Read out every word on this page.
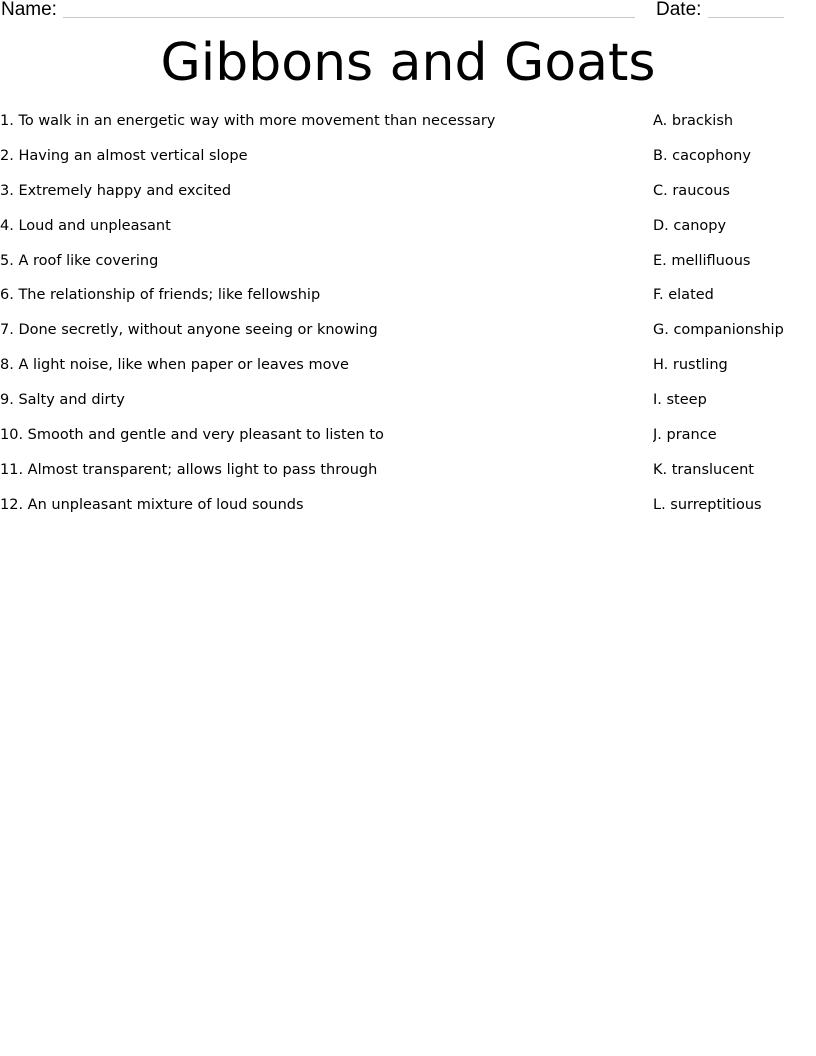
Name:	Date:
Gibbons and Goats
1. To walk in an energetic way with more movement than necessary
2. Having an almost vertical slope
3. Extremely happy and excited
4. Loud and unpleasant
5. A roof like covering
6. The relationship of friends; like fellowship
7. Done secretly, without anyone seeing or knowing
8. A light noise, like when paper or leaves move
9. Salty and dirty
10. Smooth and gentle and very pleasant to listen to
11. Almost transparent; allows light to pass through
12. An unpleasant mixture of loud sounds
A. brackish
B. cacophony
C. raucous
D. canopy
E. mellifluous
F. elated
G. companionship
H. rustling
I. steep
J. prance
K. translucent
L. surreptitious
